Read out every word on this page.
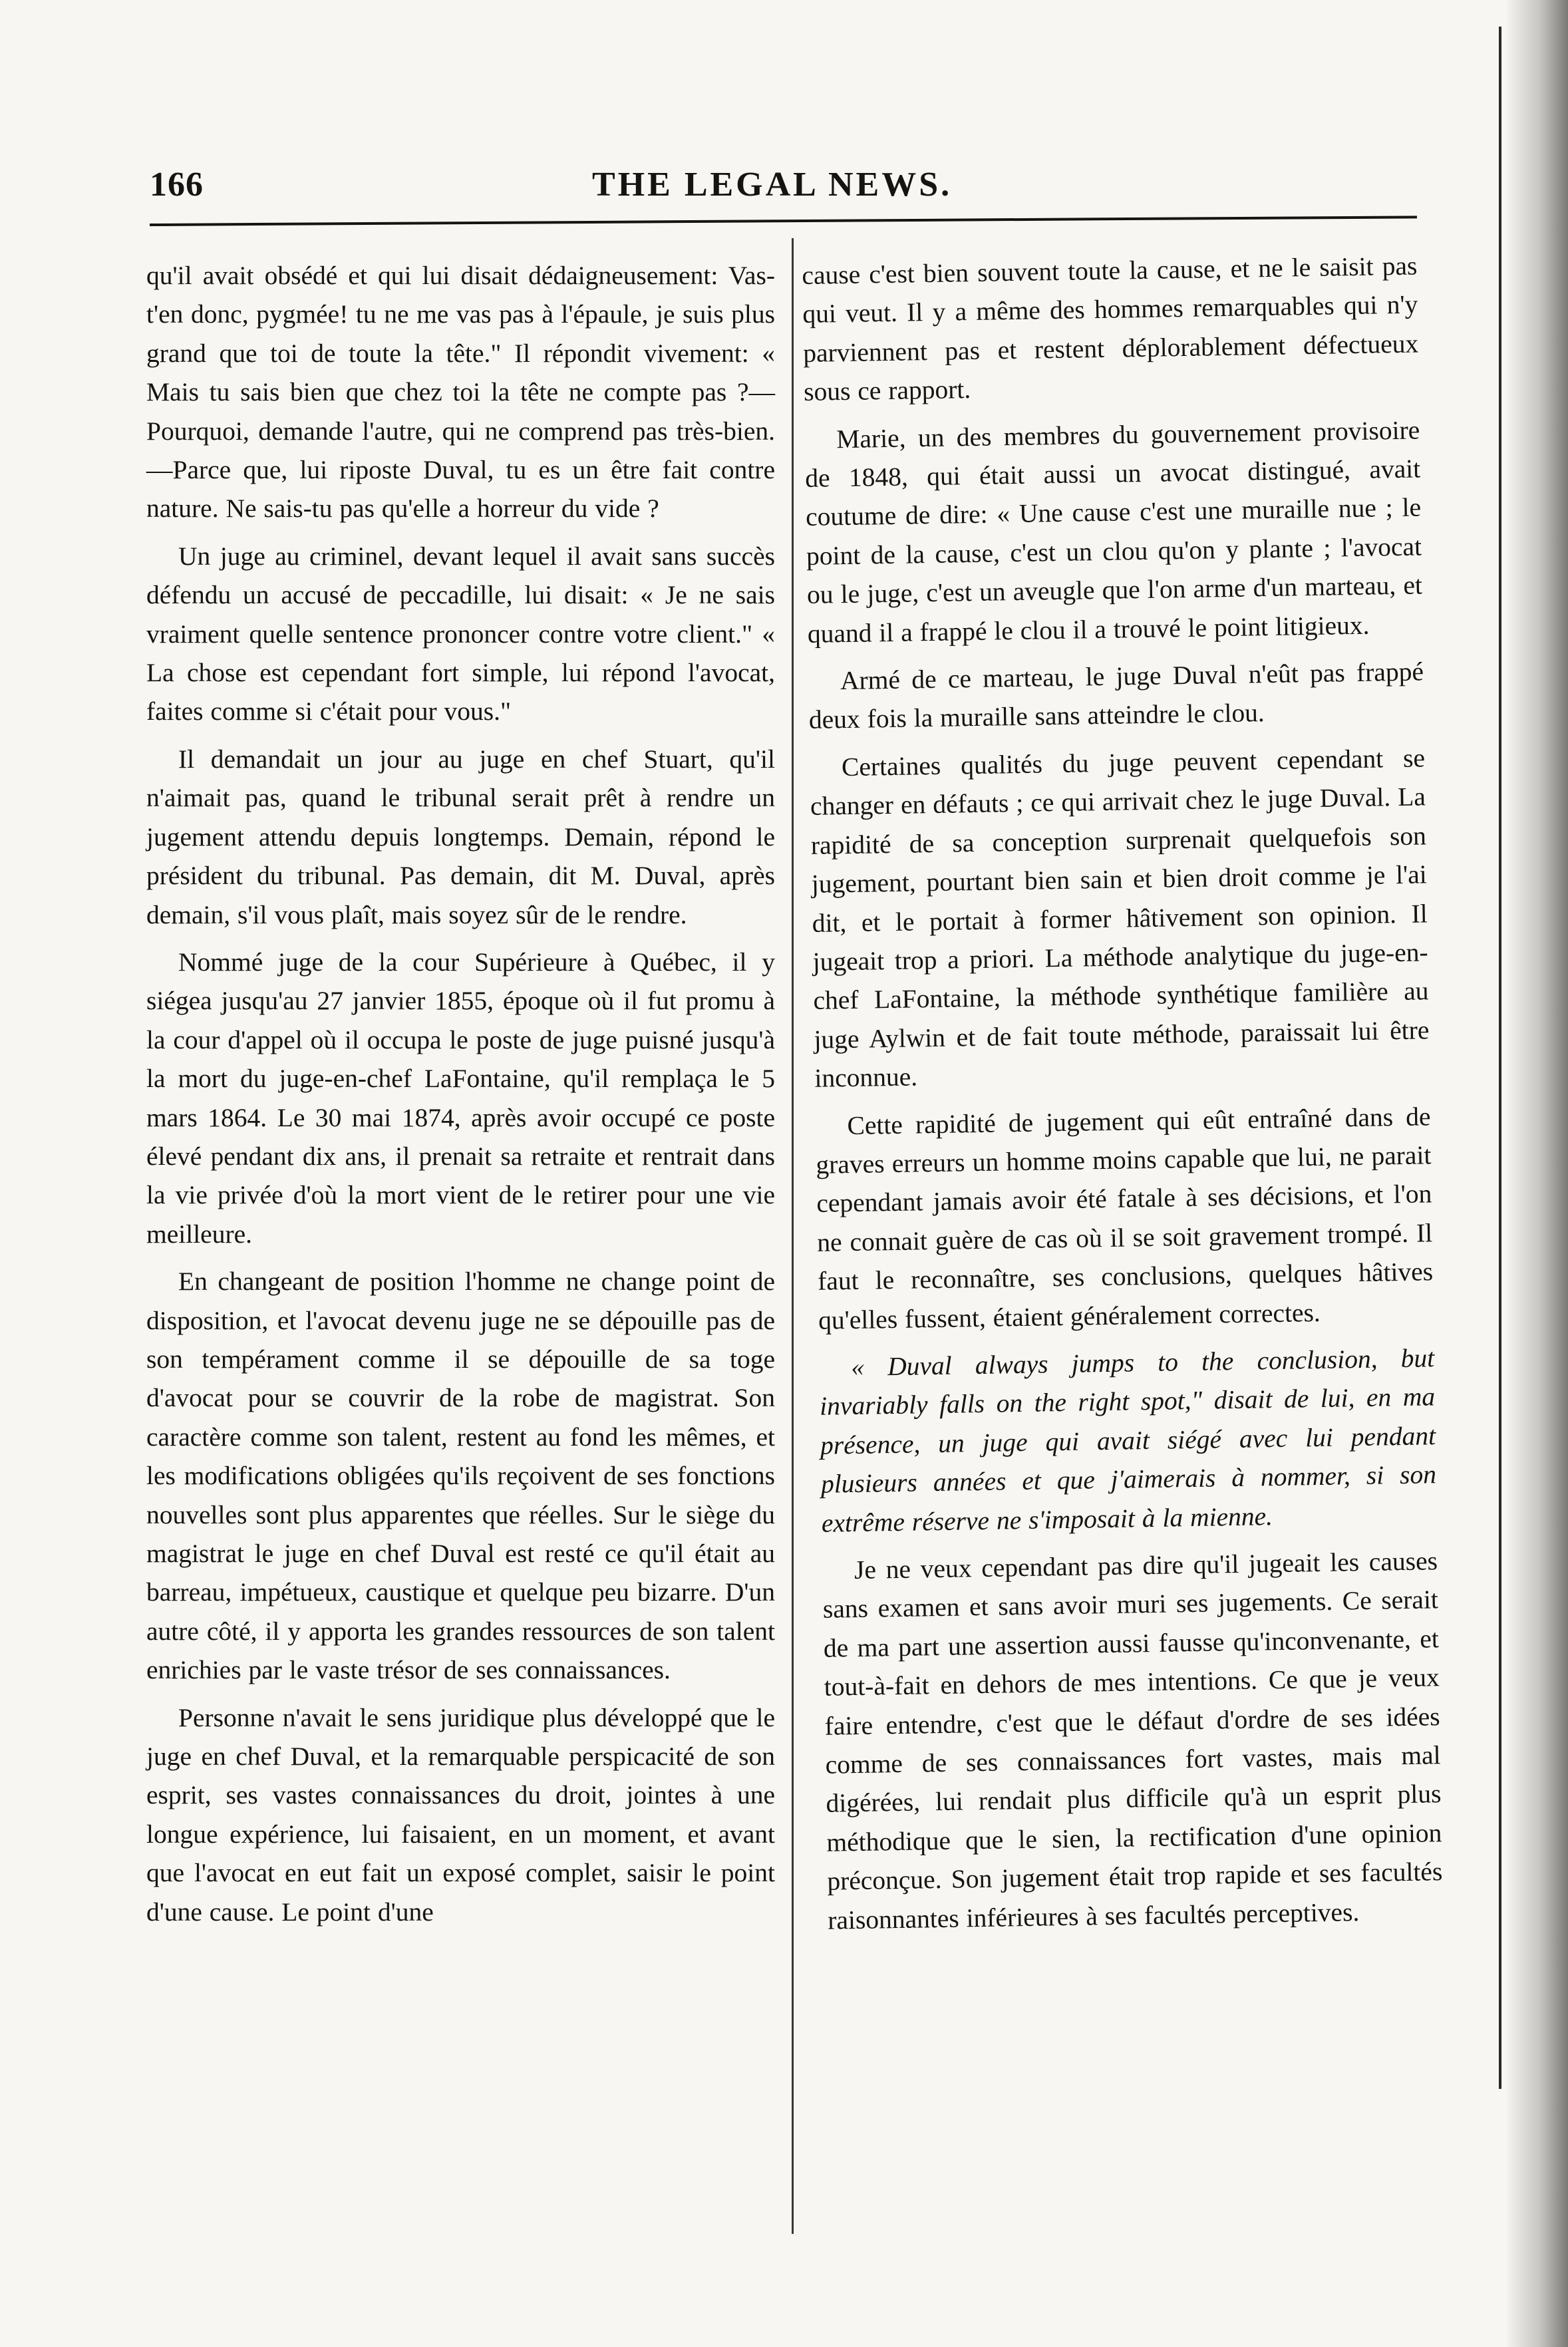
166	THE LEGAL NEWS.

qu'il avait obsédé et qui lui disait dédaigneusement: Vas-t'en donc, pygmée! tu ne me vas pas à l'épaule, je suis plus grand que toi de toute la tête." Il répondit vivement: « Mais tu sais bien que chez toi la tête ne compte pas ?—Pourquoi, demande l'autre, qui ne comprend pas très-bien. —Parce que, lui riposte Duval, tu es un être fait contre nature. Ne sais-tu pas qu'elle a horreur du vide ?

Un juge au criminel, devant lequel il avait sans succès défendu un accusé de peccadille, lui disait: « Je ne sais vraiment quelle sentence prononcer contre votre client." « La chose est cependant fort simple, lui répond l'avocat, faites comme si c'était pour vous."

Il demandait un jour au juge en chef Stuart, qu'il n'aimait pas, quand le tribunal serait prêt à rendre un jugement attendu depuis longtemps. Demain, répond le président du tribunal. Pas demain, dit M. Duval, après demain, s'il vous plaît, mais soyez sûr de le rendre.

Nommé juge de la cour Supérieure à Québec, il y siégea jusqu'au 27 janvier 1855, époque où il fut promu à la cour d'appel où il occupa le poste de juge puisné jusqu'à la mort du juge-en-chef LaFontaine, qu'il remplaça le 5 mars 1864. Le 30 mai 1874, après avoir occupé ce poste élevé pendant dix ans, il prenait sa retraite et rentrait dans la vie privée d'où la mort vient de le retirer pour une vie meilleure.

En changeant de position l'homme ne change point de disposition, et l'avocat devenu juge ne se dépouille pas de son tempérament comme il se dépouille de sa toge d'avocat pour se couvrir de la robe de magistrat. Son caractère comme son talent, restent au fond les mêmes, et les modifications obligées qu'ils reçoivent de ses fonctions nouvelles sont plus apparentes que réelles. Sur le siège du magistrat le juge en chef Duval est resté ce qu'il était au barreau, impétueux, caustique et quelque peu bizarre. D'un autre côté, il y apporta les grandes ressources de son talent enrichies par le vaste trésor de ses connaissances.

Personne n'avait le sens juridique plus développé que le juge en chef Duval, et la remarquable perspicacité de son esprit, ses vastes connaissances du droit, jointes à une longue expérience, lui faisaient, en un moment, et avant que l'avocat en eut fait un exposé complet, saisir le point d'une cause. Le point d'une

cause c'est bien souvent toute la cause, et ne le saisit pas qui veut. Il y a même des hommes remarquables qui n'y parviennent pas et restent déplorablement défectueux sous ce rapport.

Marie, un des membres du gouvernement provisoire de 1848, qui était aussi un avocat distingué, avait coutume de dire: « Une cause c'est une muraille nue ; le point de la cause, c'est un clou qu'on y plante ; l'avocat ou le juge, c'est un aveugle que l'on arme d'un marteau, et quand il a frappé le clou il a trouvé le point litigieux.

Armé de ce marteau, le juge Duval n'eût pas frappé deux fois la muraille sans atteindre le clou.

Certaines qualités du juge peuvent cependant se changer en défauts ; ce qui arrivait chez le juge Duval. La rapidité de sa conception surprenait quelquefois son jugement, pourtant bien sain et bien droit comme je l'ai dit, et le portait à former hâtivement son opinion. Il jugeait trop a priori. La méthode analytique du juge-en-chef LaFontaine, la méthode synthétique familière au juge Aylwin et de fait toute méthode, paraissait lui être inconnue.

Cette rapidité de jugement qui eût entraîné dans de graves erreurs un homme moins capable que lui, ne parait cependant jamais avoir été fatale à ses décisions, et l'on ne connait guère de cas où il se soit gravement trompé. Il faut le reconnaître, ses conclusions, quelques hâtives qu'elles fussent, étaient généralement correctes.

« Duval always jumps to the conclusion, but invariably falls on the right spot," disait de lui, en ma présence, un juge qui avait siégé avec lui pendant plusieurs années et que j'aimerais à nommer, si son extrême réserve ne s'imposait à la mienne.

Je ne veux cependant pas dire qu'il jugeait les causes sans examen et sans avoir muri ses jugements. Ce serait de ma part une assertion aussi fausse qu'inconvenante, et tout-à-fait en dehors de mes intentions. Ce que je veux faire entendre, c'est que le défaut d'ordre de ses idées comme de ses connaissances fort vastes, mais mal digérées, lui rendait plus difficile qu'à un esprit plus méthodique que le sien, la rectification d'une opinion préconçue. Son jugement était trop rapide et ses facultés raisonnantes inférieures à ses facultés perceptives.
